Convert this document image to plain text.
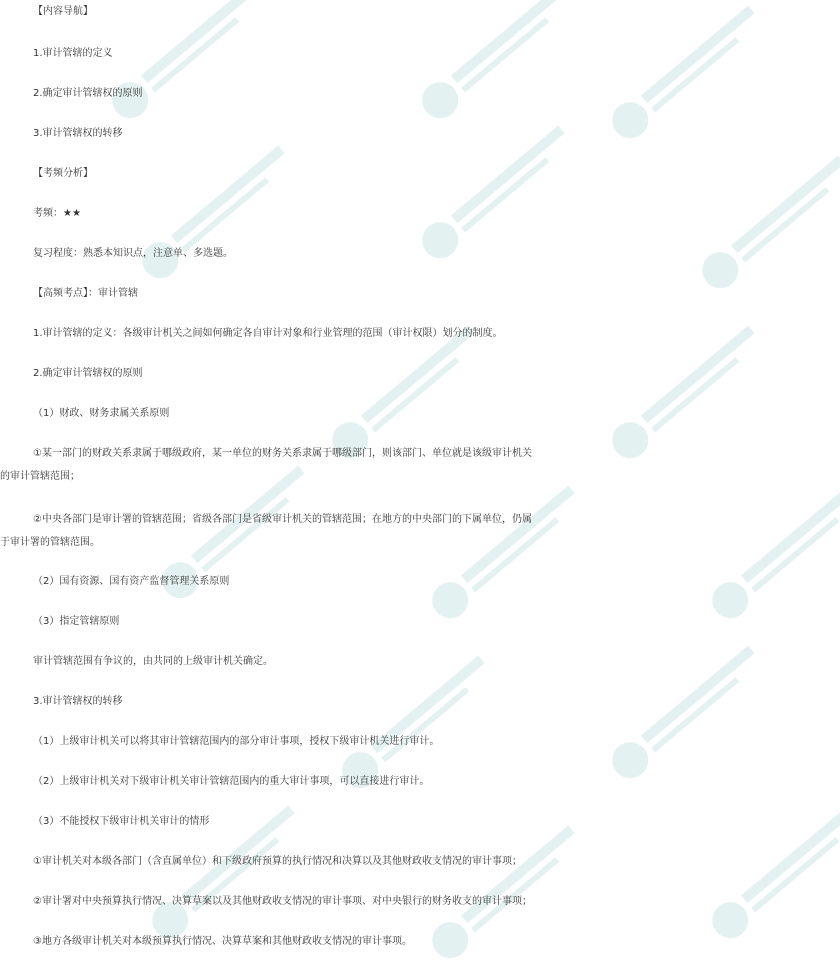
【内容导航】
1.审计管辖的定义
2.确定审计管辖权的原则
3.审计管辖权的转移
【考频分析】
考频：★★
复习程度：熟悉本知识点，注意单、多选题。
【高频考点】：审计管辖
1.审计管辖的定义：各级审计机关之间如何确定各自审计对象和行业管理的范围（审计权限）划分的制度。
2.确定审计管辖权的原则
（1）财政、财务隶属关系原则
①某一部门的财政关系隶属于哪级政府，某一单位的财务关系隶属于哪级部门，则该部门、单位就是该级审计机关
的审计管辖范围；
②中央各部门是审计署的管辖范围；省级各部门是省级审计机关的管辖范围；在地方的中央部门的下属单位，仍属
于审计署的管辖范围。
（2）国有资源、国有资产监督管理关系原则
（3）指定管辖原则
审计管辖范围有争议的，由共同的上级审计机关确定。
3.审计管辖权的转移
（1）上级审计机关可以将其审计管辖范围内的部分审计事项，授权下级审计机关进行审计。
（2）上级审计机关对下级审计机关审计管辖范围内的重大审计事项，可以直接进行审计。
（3）不能授权下级审计机关审计的情形
①审计机关对本级各部门（含直属单位）和下级政府预算的执行情况和决算以及其他财政收支情况的审计事项；
②审计署对中央预算执行情况、决算草案以及其他财政收支情况的审计事项、对中央银行的财务收支的审计事项；
③地方各级审计机关对本级预算执行情况、决算草案和其他财政收支情况的审计事项。
